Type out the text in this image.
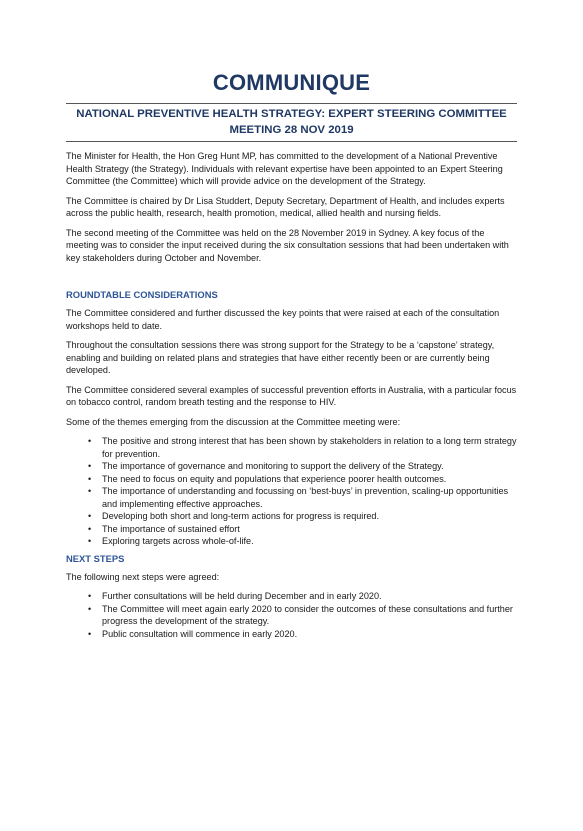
COMMUNIQUE
NATIONAL PREVENTIVE HEALTH STRATEGY: EXPERT STEERING COMMITTEE
MEETING 28 NOV 2019

The Minister for Health, the Hon Greg Hunt MP, has committed to the development of a National Preventive Health Strategy (the Strategy). Individuals with relevant expertise have been appointed to an Expert Steering Committee (the Committee) which will provide advice on the development of the Strategy.

The Committee is chaired by Dr Lisa Studdert, Deputy Secretary, Department of Health, and includes experts across the public health, research, health promotion, medical, allied health and nursing fields.

The second meeting of the Committee was held on the 28 November 2019 in Sydney. A key focus of the meeting was to consider the input received during the six consultation sessions that had been undertaken with key stakeholders during October and November.

ROUNDTABLE CONSIDERATIONS

The Committee considered and further discussed the key points that were raised at each of the consultation workshops held to date.

Throughout the consultation sessions there was strong support for the Strategy to be a ‘capstone’ strategy, enabling and building on related plans and strategies that have either recently been or are currently being developed.

The Committee considered several examples of successful prevention efforts in Australia, with a particular focus on tobacco control, random breath testing and the response to HIV.

Some of the themes emerging from the discussion at the Committee meeting were:

• The positive and strong interest that has been shown by stakeholders in relation to a long term strategy for prevention.
• The importance of governance and monitoring to support the delivery of the Strategy.
• The need to focus on equity and populations that experience poorer health outcomes.
• The importance of understanding and focussing on ‘best-buys’ in prevention, scaling-up opportunities and implementing effective approaches.
• Developing both short and long-term actions for progress is required.
• The importance of sustained effort
• Exploring targets across whole-of-life.
NEXT STEPS

The following next steps were agreed:

• Further consultations will be held during December and in early 2020.
• The Committee will meet again early 2020 to consider the outcomes of these consultations and further progress the development of the strategy.
• Public consultation will commence in early 2020.
